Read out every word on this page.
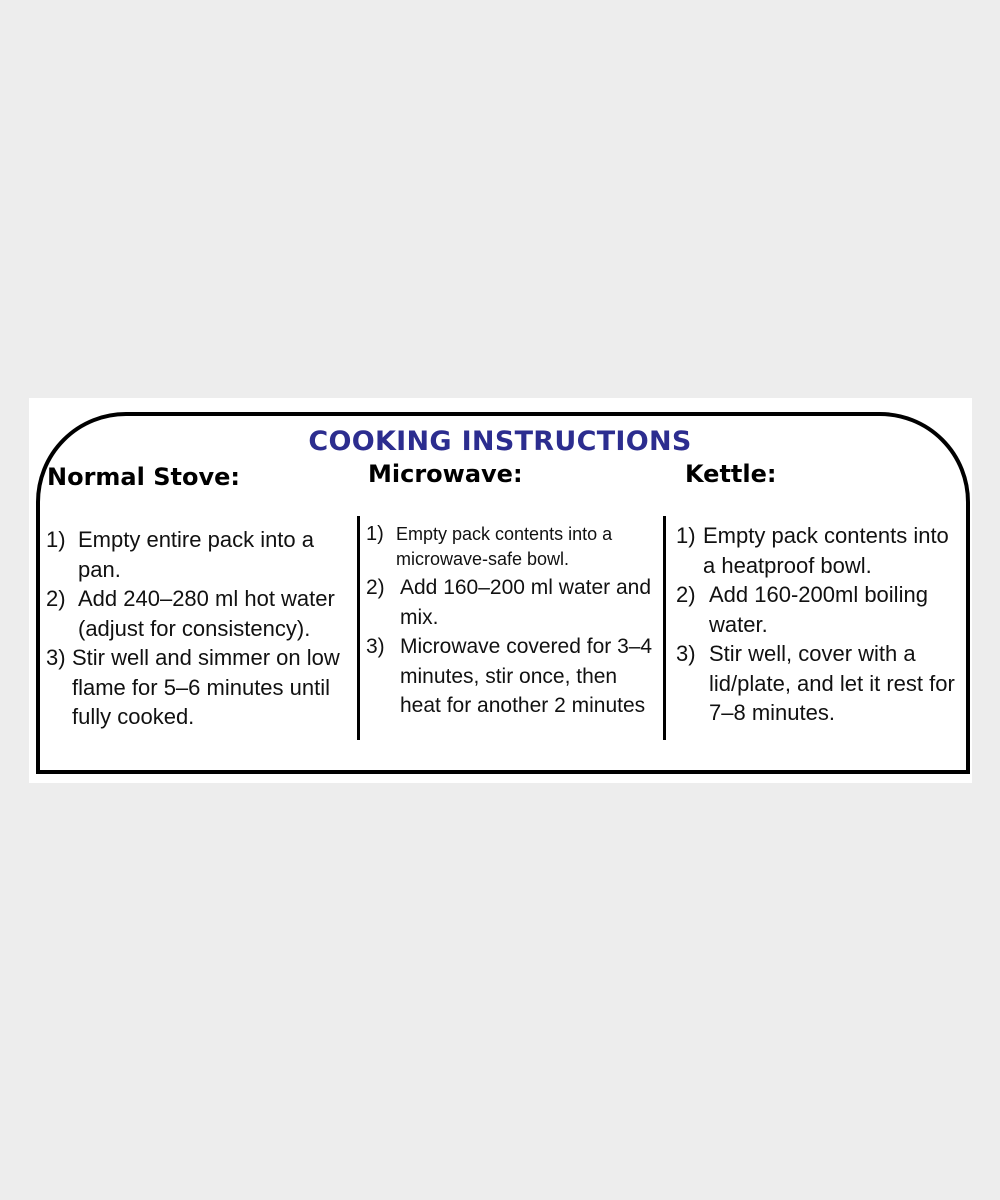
COOKING INSTRUCTIONS
Normal Stove:	Microwave:	Kettle:
1) Empty entire pack into a pan.
2) Add 240–280 ml hot water (adjust for consistency).
3) Stir well and simmer on low flame for 5–6 minutes until fully cooked.
1) Empty pack contents into a microwave-safe bowl.
2) Add 160–200 ml water and mix.
3) Microwave covered for 3–4 minutes, stir once, then heat for another 2 minutes
1) Empty pack contents into a heatproof bowl.
2) Add 160-200ml boiling water.
3) Stir well, cover with a lid/plate, and let it rest for 7–8 minutes.
